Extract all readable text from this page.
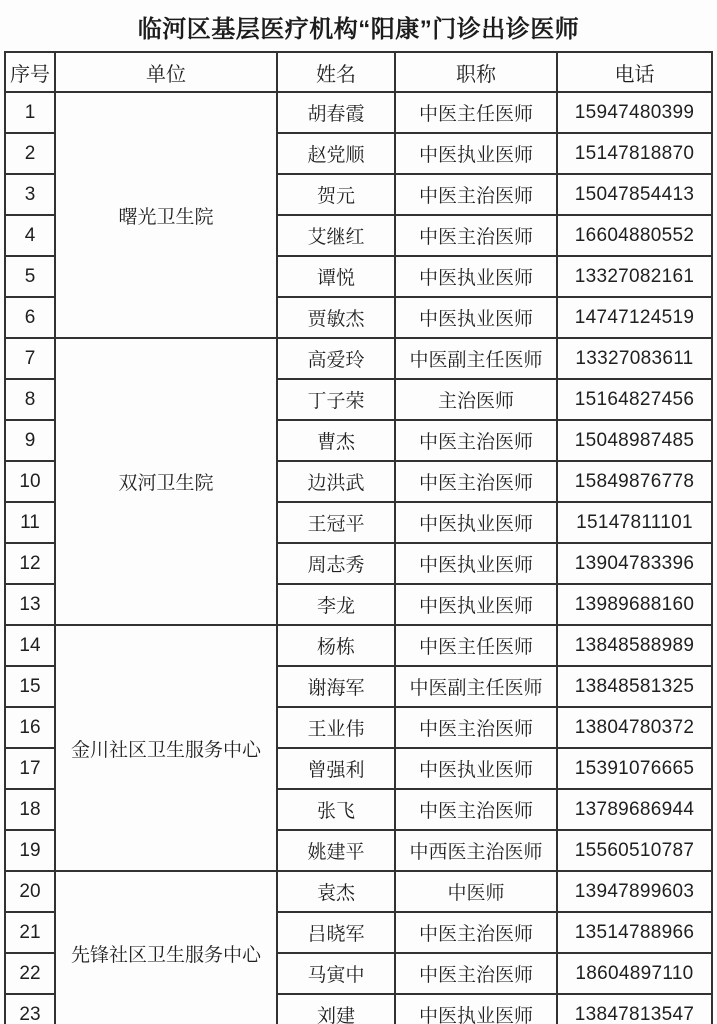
临河区基层医疗机构“阳康”门诊出诊医师
序号	单位	姓名	职称	电话
1	曙光卫生院	胡春霞	中医主任医师	15947480399
2		赵党顺	中医执业医师	15147818870
3		贺元	中医主治医师	15047854413
4		艾继红	中医主治医师	16604880552
5		谭悦	中医执业医师	13327082161
6		贾敏杰	中医执业医师	14747124519
7	双河卫生院	高爱玲	中医副主任医师	13327083611
8		丁子荣	主治医师	15164827456
9		曹杰	中医主治医师	15048987485
10		边洪武	中医主治医师	15849876778
11		王冠平	中医执业医师	15147811101
12		周志秀	中医执业医师	13904783396
13		李龙	中医执业医师	13989688160
14	金川社区卫生服务中心	杨栋	中医主任医师	13848588989
15		谢海军	中医副主任医师	13848581325
16		王业伟	中医主治医师	13804780372
17		曾强利	中医执业医师	15391076665
18		张飞	中医主治医师	13789686944
19		姚建平	中西医主治医师	15560510787
20	先锋社区卫生服务中心	袁杰	中医师	13947899603
21		吕晓军	中医主治医师	13514788966
22		马寅中	中医主治医师	18604897110
23		刘建	中医执业医师	13847813547
